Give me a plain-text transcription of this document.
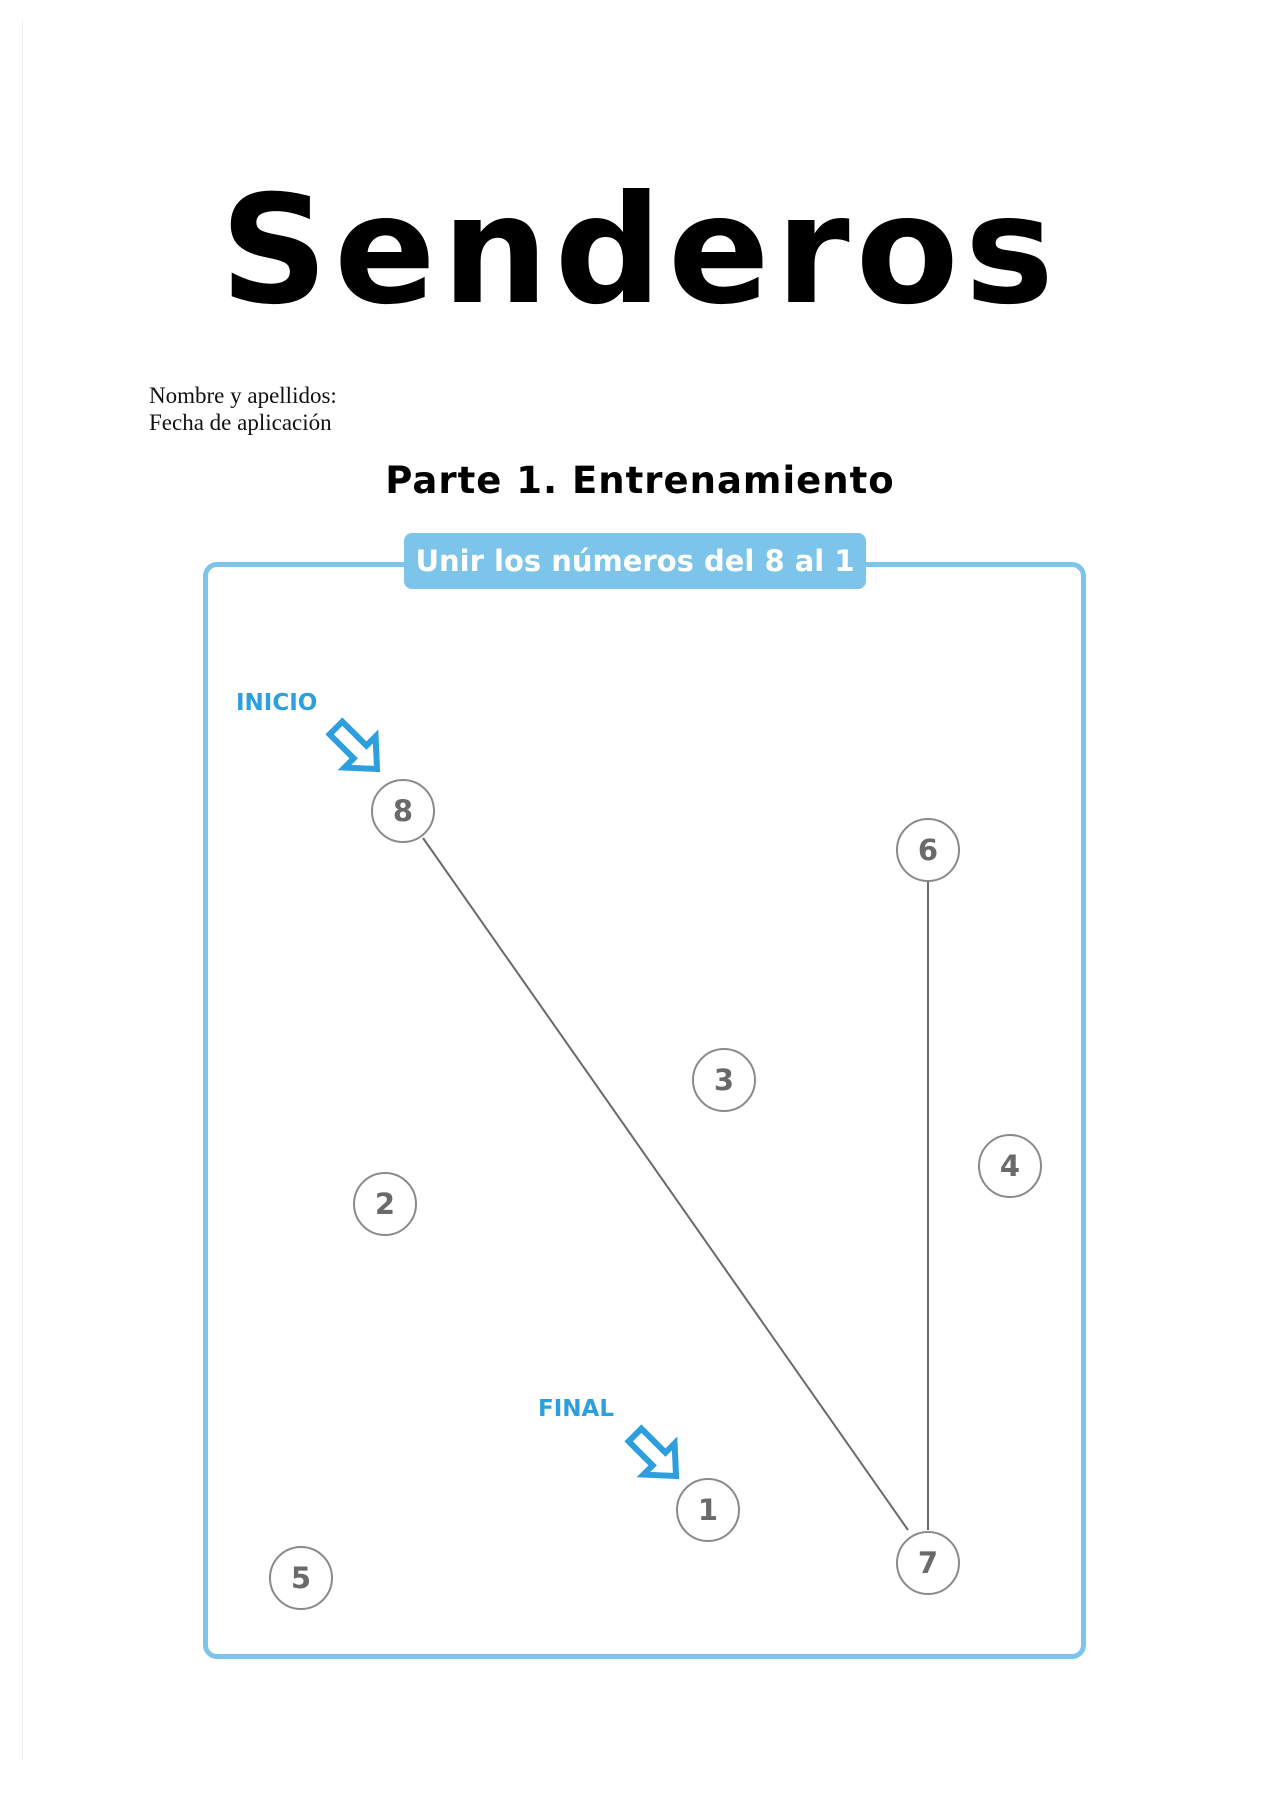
Senderos
Nombre y apellidos:
Fecha de aplicación
Parte 1. Entrenamiento
Unir los números del 8 al 1
INICIO
FINAL
8
6
3
4
2
1
7
5
